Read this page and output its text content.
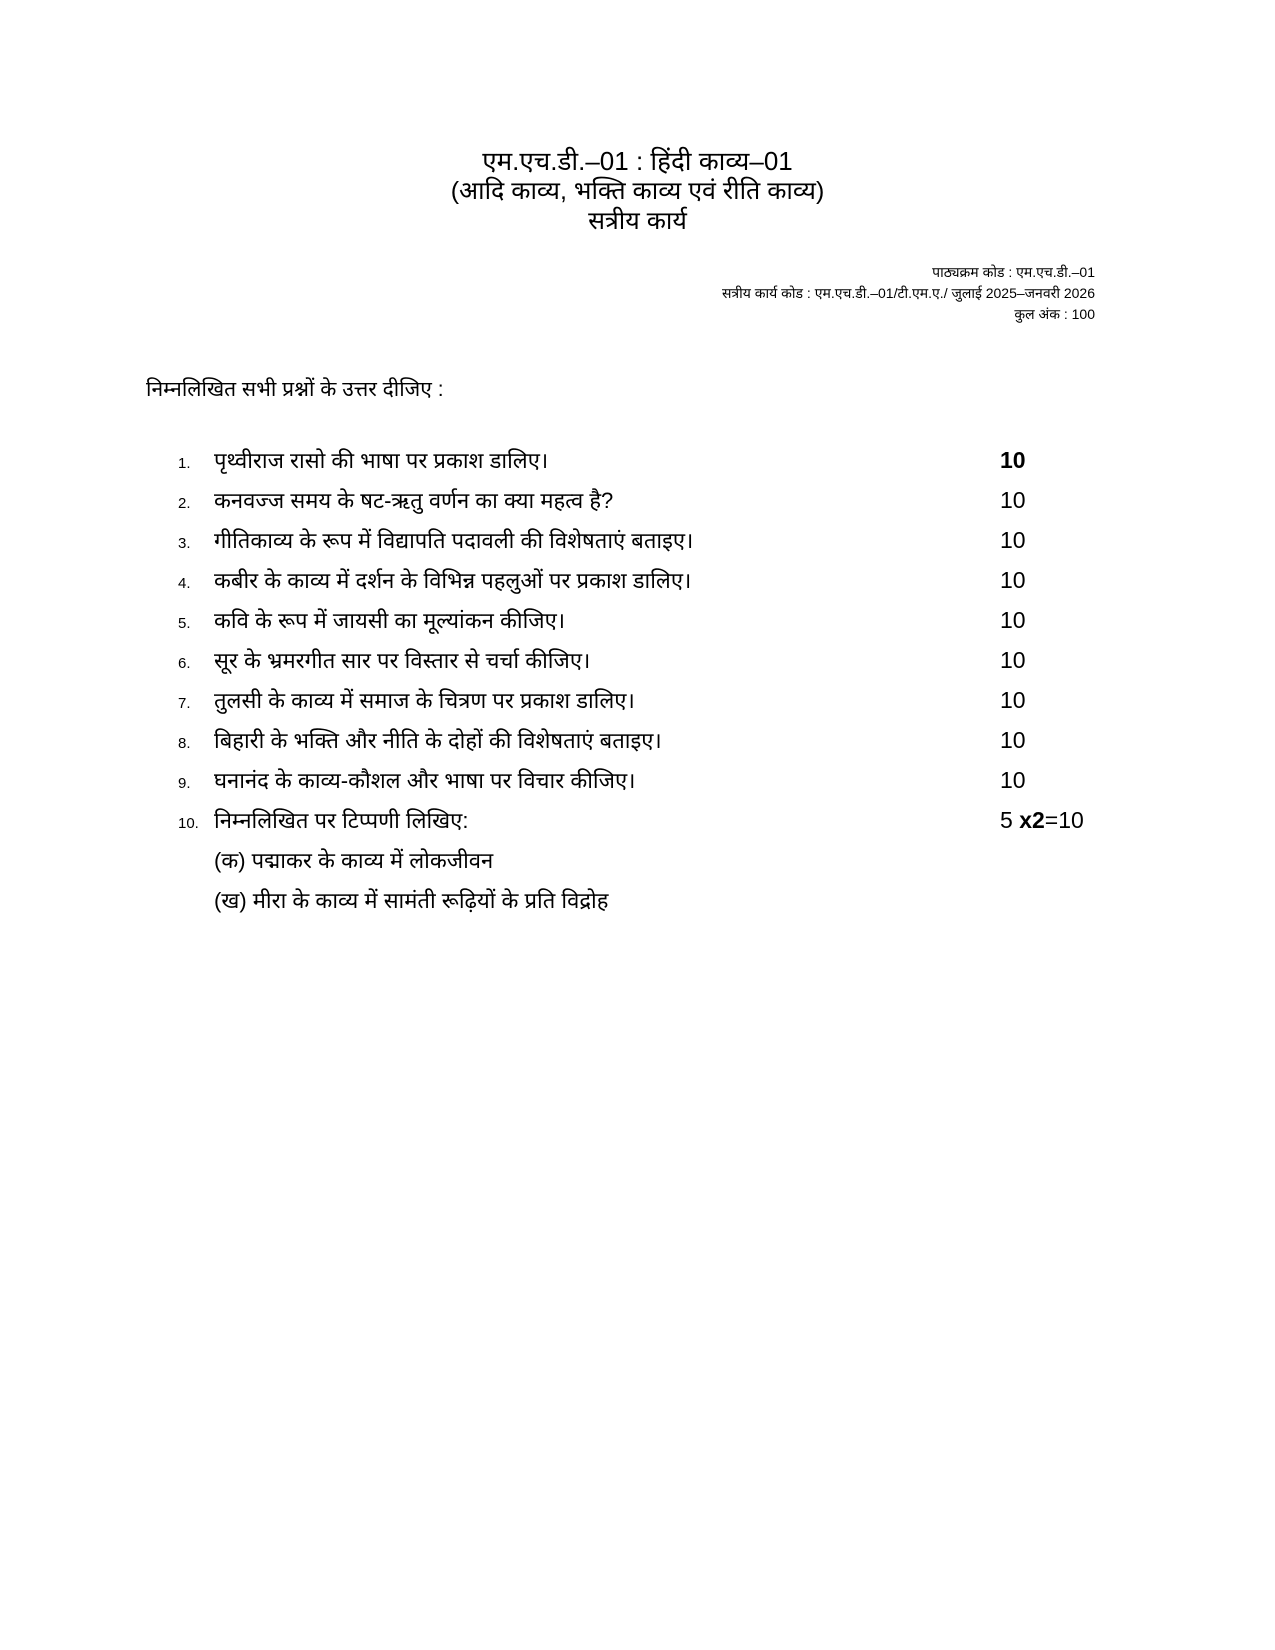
एम.एच.डी.–01 : हिंदी काव्य–01
(आदि काव्य, भक्ति काव्य एवं रीति काव्य)
सत्रीय कार्य
पाठ्यक्रम कोड : एम.एच.डी.–01
सत्रीय कार्य कोड : एम.एच.डी.–01/टी.एम.ए./ जुलाई 2025–जनवरी 2026
कुल अंक : 100
निम्नलिखित सभी प्रश्नों के उत्तर दीजिए :
1.	पृथ्वीराज रासो की भाषा पर प्रकाश डालिए।	10
2.	कनवज्ज समय के षट-ऋतु वर्णन का क्या महत्व है?	10
3.	गीतिकाव्य के रूप में विद्यापति पदावली की विशेषताएं बताइए।	10
4.	कबीर के काव्य में दर्शन के विभिन्न पहलुओं पर प्रकाश डालिए।	10
5.	कवि के रूप में जायसी का मूल्यांकन कीजिए।	10
6.	सूर के भ्रमरगीत सार पर विस्तार से चर्चा कीजिए।	10
7.	तुलसी के काव्य में समाज के चित्रण पर प्रकाश डालिए।	10
8.	बिहारी के भक्ति और नीति के दोहों की विशेषताएं बताइए।	10
9.	घनानंद के काव्य-कौशल और भाषा पर विचार कीजिए।	10
10. निम्नलिखित पर टिप्पणी लिखिए:	5 x2=10
(क) पद्माकर के काव्य में लोकजीवन
(ख) मीरा के काव्य में सामंती रूढ़ियों के प्रति विद्रोह
